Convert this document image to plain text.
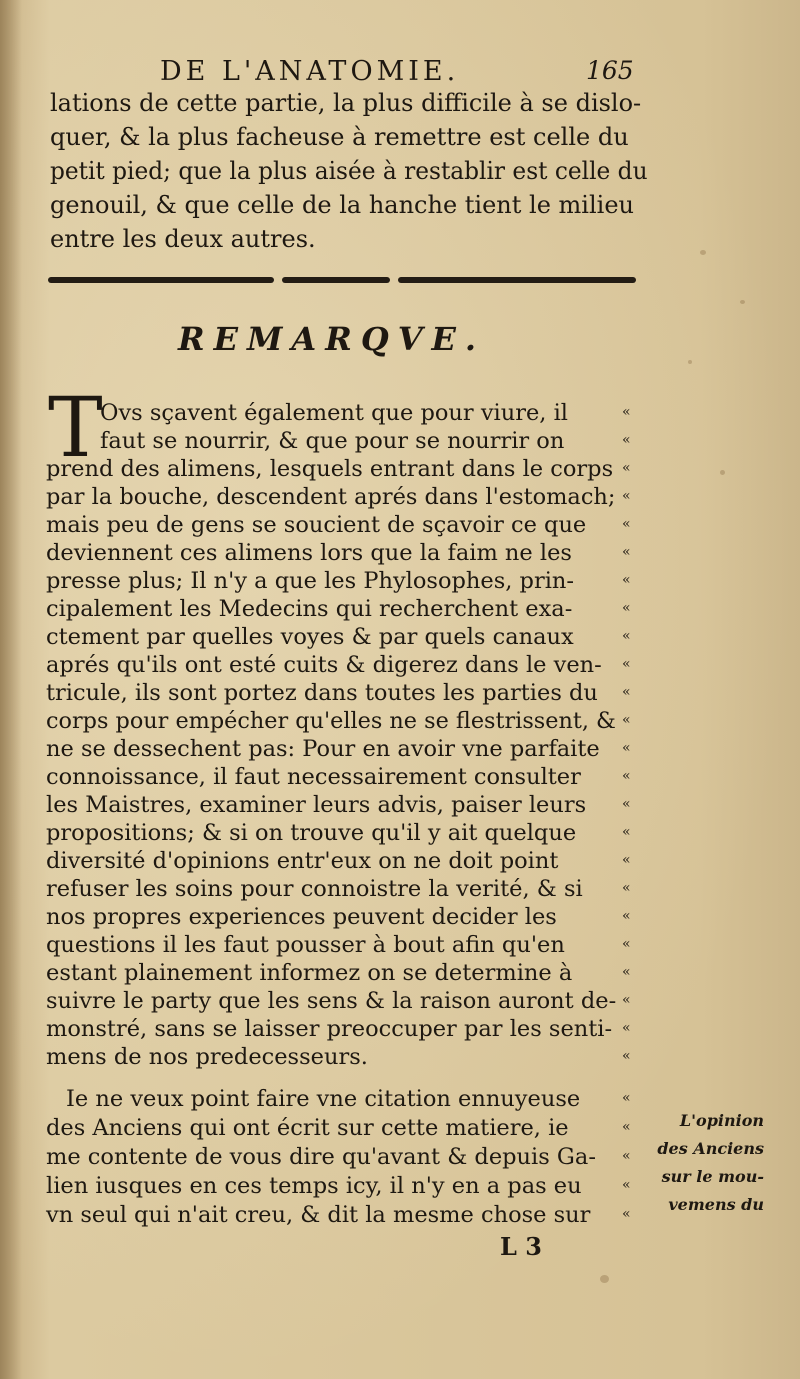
DE L'ANATOMIE.	165
lations de cette partie, la plus difficile à se dislo-
quer, & la plus facheuse à remettre est celle du
petit pied; que la plus aisée à restablir est celle du
genouil, & que celle de la hanche tient le milieu
entre les deux autres.
REMARQVE.
T
Ovs sçavent également que pour viure, il
faut se nourrir, & que pour se nourrir on
prend des alimens, lesquels entrant dans le corps
par la bouche, descendent aprés dans l'estomach;
mais peu de gens se soucient de sçavoir ce que
deviennent ces alimens lors que la faim ne les
presse plus; Il n'y a que les Phylosophes, prin-
cipalement les Medecins qui recherchent exa-
ctement par quelles voyes & par quels canaux
aprés qu'ils ont esté cuits & digerez dans le ven-
tricule, ils sont portez dans toutes les parties du
corps pour empécher qu'elles ne se flestrissent, &
ne se dessechent pas: Pour en avoir vne parfaite
connoissance, il faut necessairement consulter
les Maistres, examiner leurs advis, paiser leurs
propositions; & si on trouve qu'il y ait quelque
diversité d'opinions entr'eux on ne doit point
refuser les soins pour connoistre la verité, & si
nos propres experiences peuvent decider les
questions il les faut pousser à bout afin qu'en
estant plainement informez on se determine à
suivre le party que les sens & la raison auront de-
monstré, sans se laisser preoccuper par les senti-
mens de nos predecesseurs.
Ie ne veux point faire vne citation ennuyeuse
des Anciens qui ont écrit sur cette matiere, ie
me contente de vous dire qu'avant & depuis Ga-
lien iusques en ces temps icy, il n'y en a pas eu
vn seul qui n'ait creu, & dit la mesme chose sur
«
«
«
«
«
«
«
«
«
«
«
«
«
«
«
«
«
«
«
«
«
«
«
«
«
«
«
«
«
L'opinion
des Anciens
sur le mou-
vemens du
L 3
